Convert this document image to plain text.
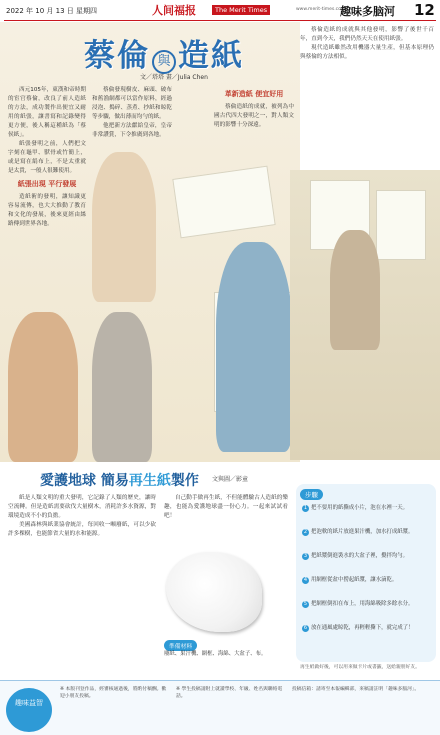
2022 年 10 月 13 日 星期四	人间福报	The Merit Times	www.merit-times.com.tw
趣味多脑河 12
蔡倫 與 造紙
文／塔塔 畫／Julia Chen

西元105年，東漢和帝時期的宦官蔡倫，改良了前人造紙的方法，成功製作出便宜又耐用的紙張，讓書寫和記錄變得更方便，後人稱這種紙為「蔡侯紙」。

紙張發明之前，人們把文字刻在龜甲、獸骨或竹簡上，或是寫在絹布上，不是太重就是太貴，一般人很難使用。

紙張出現 平行發展

造紙術的發明，讓知識更容易流傳，也大大推動了教育和文化的發展，後來更經由絲路傳到世界各地。

蔡倫發現樹皮、麻頭、破布和舊漁網都可以當作原料，經過浸泡、搗碎、蒸煮、抄紙和晾乾等步驟，做出薄而均勻的紙。

他把新方法獻給皇帝，皇帝非常讚賞，下令推廣到各地。

革新造紙 便宜好用

蔡倫造紙的成就，被列為中國古代四大發明之一，對人類文明的影響十分深遠。

蔡倫造紙的成就與其他發明，影響了後世千百年，直到今天，我們仍然天天在使用紙張。

現代造紙雖然改用機器大量生產，但基本原理仍與蔡倫的方法相似。

愛護地球 簡易再生紙製作 文與圖／影童

紙是人類文明的重大發明，它記錄了人類的歷史，讓時空流轉。但是造紙需要砍伐大量樹木，消耗許多水資源，對環境造成不小的負擔。

美國森林與紙業協會統計，每回收一噸廢紙，可以少砍許多棵樹，也能節省大量的水和能源。

自己動手做再生紙，不但能體驗古人造紙的樂趣，也能為愛護地球盡一份心力。一起來試試看吧！

準備材料
廢紙、果汁機、網框、海綿、大盆子、布。
步驟
1 把不要用的紙撕成小片，泡在水裡一天。
2 把泡軟的紙片放進果汁機，加水打成紙漿。
3 把紙漿倒進裝水的大盆子裡，攪拌均勻。
4 用網框從盆中撈起紙漿，讓水滴乾。
5 把網框倒扣在布上，用海綿吸除多餘水分。
6 放在通風處晾乾，再輕輕撕下，就完成了！
再生紙做好後，可以用來做卡片或書籤，送給親朋好友。
趣味益智
※ 本版刊登作品，經審核通過後，將酌付稿酬。歡迎小朋友投稿。
※ 學生投稿請附上就讀學校、年級、姓名與聯絡電話。
投稿信箱：請寄至本報編輯部，來稿請註明「趣味多腦河」。
